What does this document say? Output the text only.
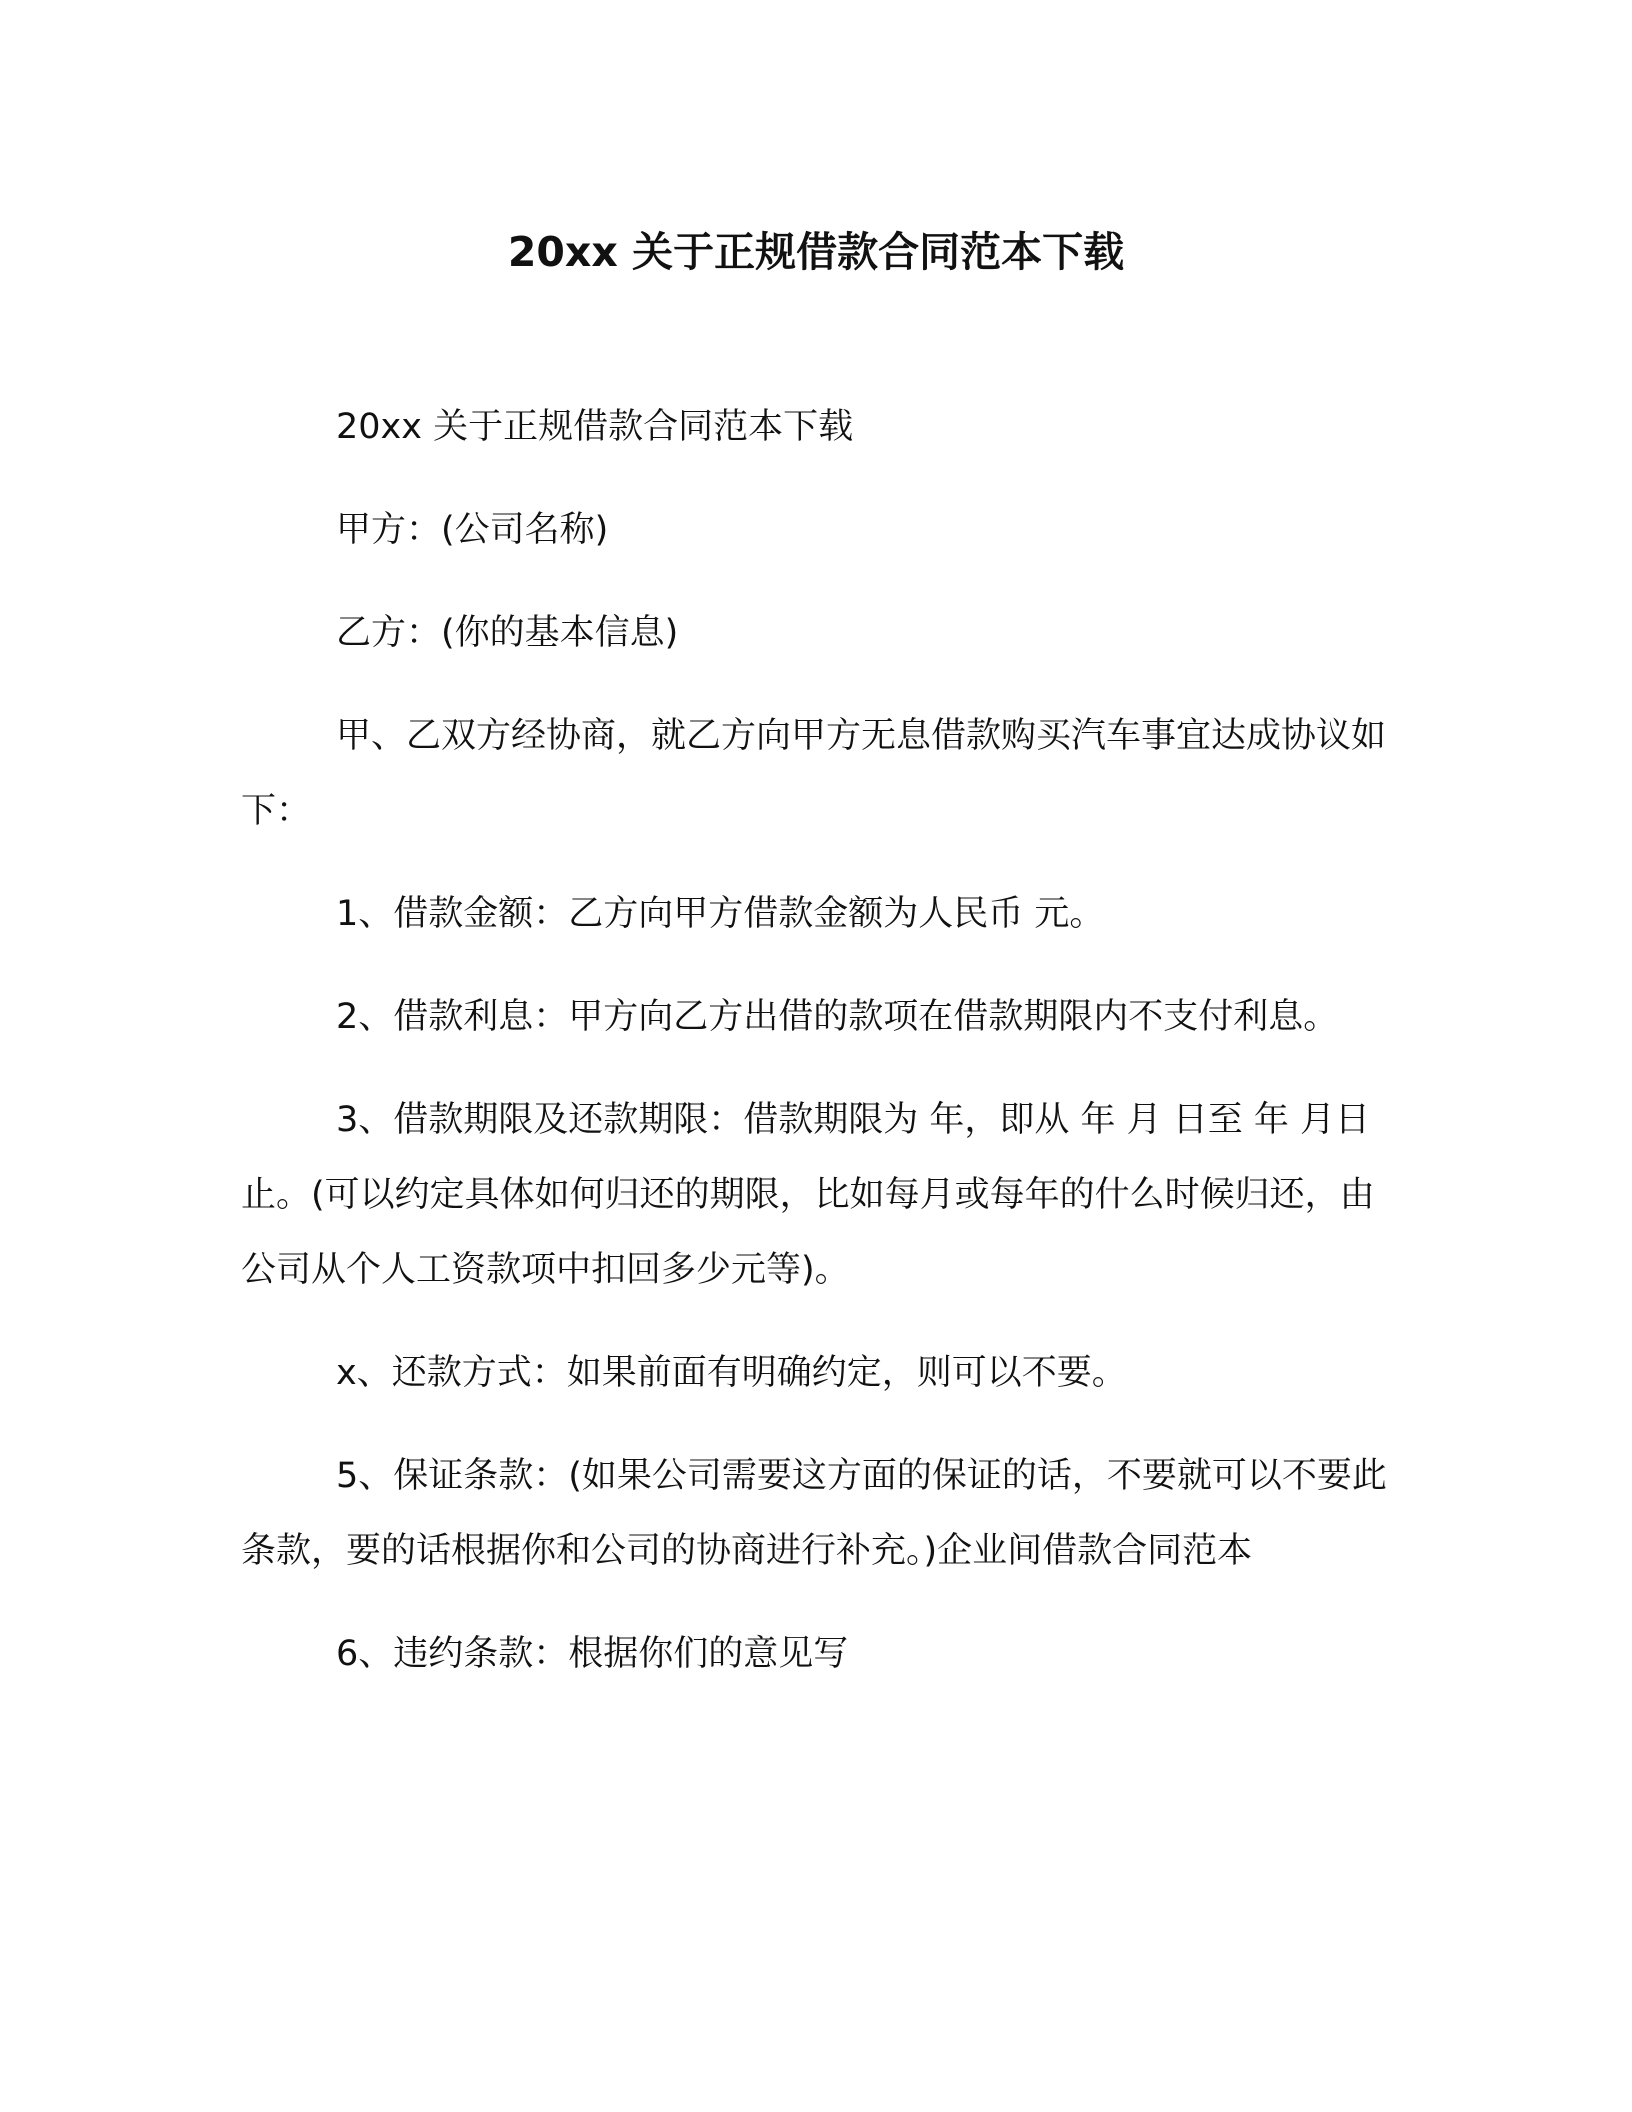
20xx 关于正规借款合同范本下载

20xx 关于正规借款合同范本下载

甲方：(公司名称)

乙方：(你的基本信息)

甲、乙双方经协商，就乙方向甲方无息借款购买汽车事宜达成协议如下：

1、借款金额：乙方向甲方借款金额为人民币 元。

2、借款利息：甲方向乙方出借的款项在借款期限内不支付利息。

3、借款期限及还款期限：借款期限为 年，即从 年 月 日至 年 月日止。(可以约定具体如何归还的期限，比如每月或每年的什么时候归还，由公司从个人工资款项中扣回多少元等)。

x、还款方式：如果前面有明确约定，则可以不要。

5、保证条款：(如果公司需要这方面的保证的话，不要就可以不要此条款，要的话根据你和公司的协商进行补充。)企业间借款合同范本

6、违约条款：根据你们的意见写
